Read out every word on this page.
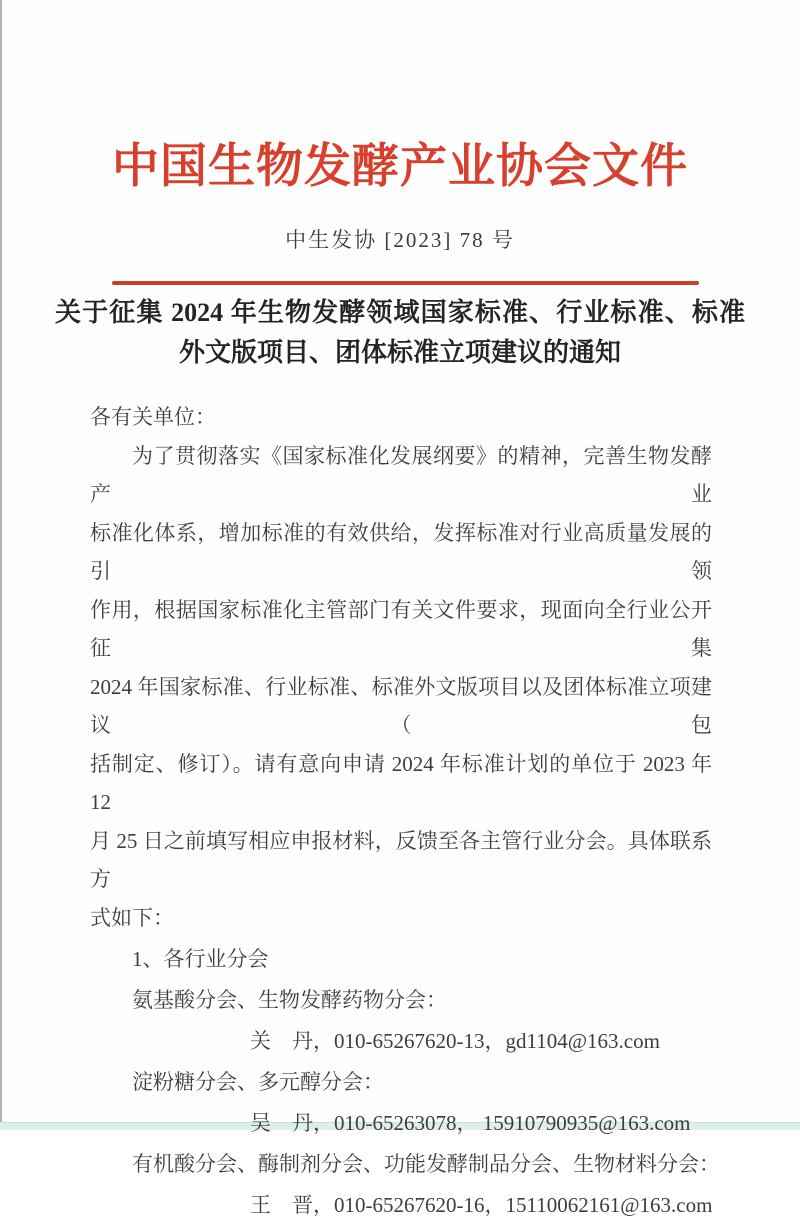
中国生物发酵产业协会文件
中生发协 [2023] 78 号
关于征集 2024 年生物发酵领域国家标准、行业标准、标准
外文版项目、团体标准立项建议的通知
各有关单位：
为了贯彻落实《国家标准化发展纲要》的精神，完善生物发酵产业
标准化体系，增加标准的有效供给，发挥标准对行业高质量发展的引领
作用，根据国家标准化主管部门有关文件要求，现面向全行业公开征集
2024 年国家标准、行业标准、标准外文版项目以及团体标准立项建议（包
括制定、修订）。请有意向申请 2024 年标准计划的单位于 2023 年 12
月 25 日之前填写相应申报材料，反馈至各主管行业分会。具体联系方
式如下：
1、各行业分会
氨基酸分会、生物发酵药物分会：
关　丹，010-65267620-13，gd1104@163.com
淀粉糖分会、多元醇分会：
吴　丹，010-65263078， 15910790935@163.com
有机酸分会、酶制剂分会、功能发酵制品分会、生物材料分会：
王　晋，010-65267620-16，15110062161@163.com
